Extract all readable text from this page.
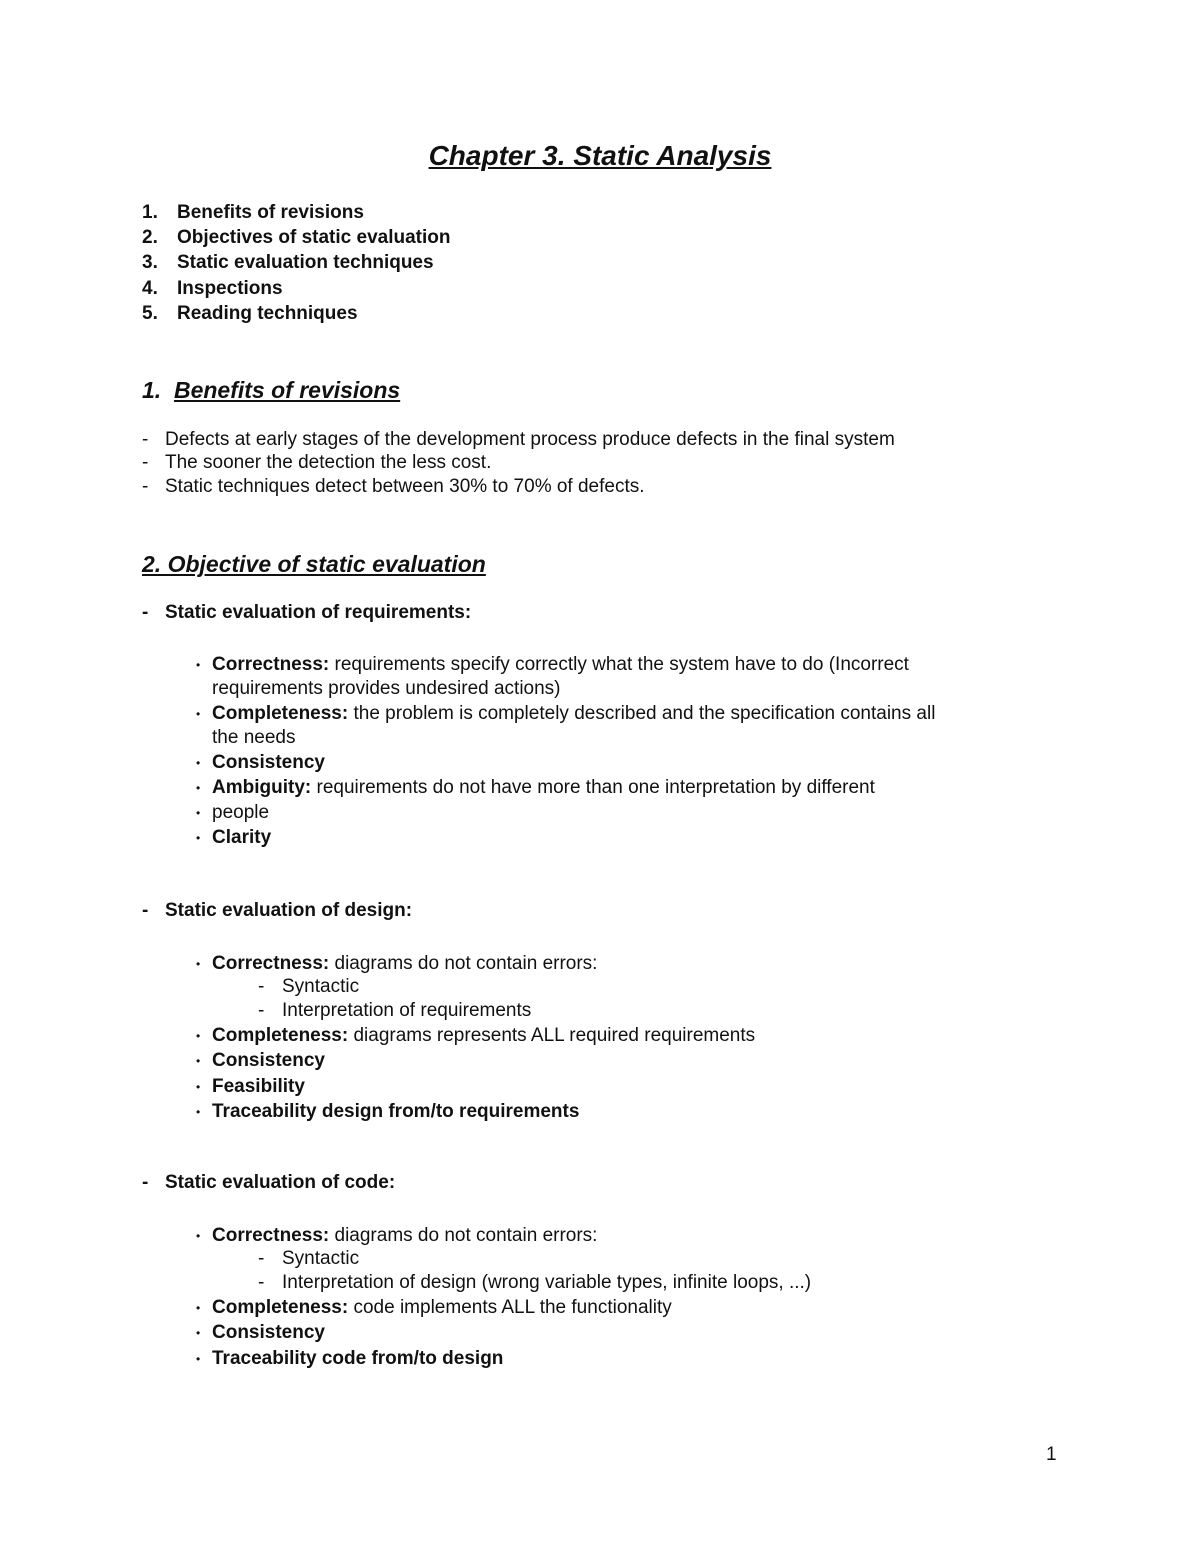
Chapter 3. Static Analysis
1. Benefits of revisions
2. Objectives of static evaluation
3. Static evaluation techniques
4. Inspections
5. Reading techniques
1. Benefits of revisions
- Defects at early stages of the development process produce defects in the final system
- The sooner the detection the less cost.
- Static techniques detect between 30% to 70% of defects.
2. Objective of static evaluation
- Static evaluation of requirements:
• Correctness: requirements specify correctly what the system have to do (Incorrect
requirements provides undesired actions)
• Completeness: the problem is completely described and the specification contains all
the needs
• Consistency
• Ambiguity: requirements do not have more than one interpretation by different
• people
• Clarity
- Static evaluation of design:
• Correctness: diagrams do not contain errors:
- Syntactic
- Interpretation of requirements
• Completeness: diagrams represents ALL required requirements
• Consistency
• Feasibility
• Traceability design from/to requirements
- Static evaluation of code:
• Correctness: diagrams do not contain errors:
- Syntactic
- Interpretation of design (wrong variable types, infinite loops, ...)
• Completeness: code implements ALL the functionality
• Consistency
• Traceability code from/to design
1
